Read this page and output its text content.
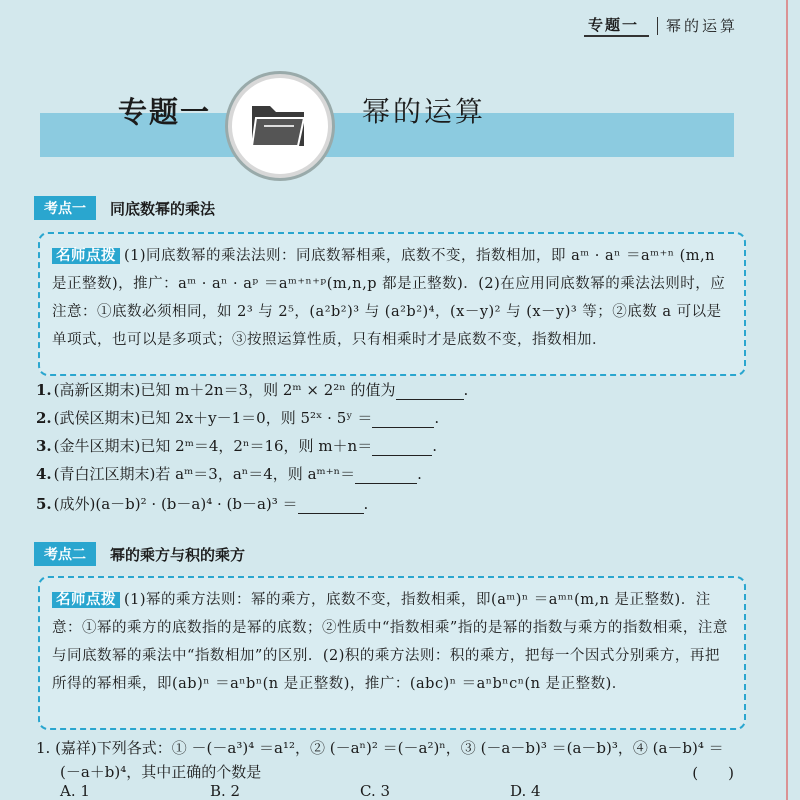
专题一	幂的运算
专题一	幂的运算
考点一	同底数幂的乘法
名师点拨 (1)同底数幂的乘法法则：同底数幂相乘，底数不变，指数相加，即 aᵐ · aⁿ ＝aᵐ⁺ⁿ (m,n 是正整数)，推广：aᵐ · aⁿ · aᵖ ＝aᵐ⁺ⁿ⁺ᵖ(m,n,p 都是正整数)．(2)在应用同底数幂的乘法法则时，应注意：①底数必须相同，如 2³ 与 2⁵，(a²b²)³ 与 (a²b²)⁴，(x－y)² 与 (x－y)³ 等；②底数 a 可以是单项式，也可以是多项式；③按照运算性质，只有相乘时才是底数不变，指数相加．
1. (高新区期末)已知 m＋2n＝3，则 2ᵐ × 2²ⁿ 的值为	.
2. (武侯区期末)已知 2x＋y－1＝0，则 5²ˣ · 5ʸ ＝	.
3. (金牛区期末)已知 2ᵐ＝4，2ⁿ＝16，则 m＋n＝	.
4. (青白江区期末)若 aᵐ＝3，aⁿ＝4，则 aᵐ⁺ⁿ＝	.
5. (成外)(a－b)² · (b－a)⁴ · (b－a)³ ＝	.
考点二	幂的乘方与积的乘方
名师点拨 (1)幂的乘方法则：幂的乘方，底数不变，指数相乘，即(aᵐ)ⁿ ＝aᵐⁿ(m,n 是正整数)．注意：①幂的乘方的底数指的是幂的底数；②性质中“指数相乘”指的是幂的指数与乘方的指数相乘，注意与同底数幂的乘法中“指数相加”的区别．(2)积的乘方法则：积的乘方，把每一个因式分别乘方，再把所得的幂相乘，即(ab)ⁿ ＝aⁿbⁿ(n 是正整数)，推广：(abc)ⁿ ＝aⁿbⁿcⁿ(n 是正整数)．
1. (嘉祥)下列各式：① －(－a³)⁴ ＝a¹²，② (－aⁿ)² ＝(－a²)ⁿ，③ (－a－b)³ ＝(a－b)³，④ (a－b)⁴ ＝
(－a＋b)⁴，其中正确的个数是	(　　)
A. 1	B. 2	C. 3	D. 4
